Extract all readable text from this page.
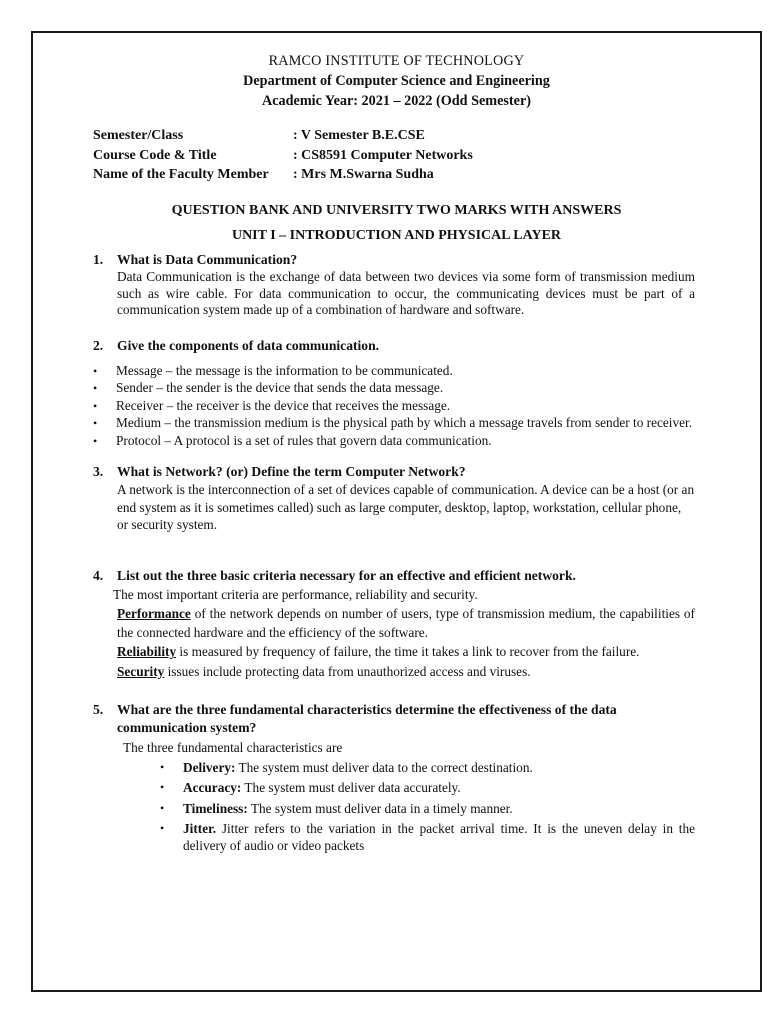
RAMCO INSTITUTE OF TECHNOLOGY
Department of Computer Science and Engineering
Academic Year: 2021 – 2022 (Odd Semester)
Semester/Class	: V Semester B.E.CSE
Course Code & Title	: CS8591 Computer Networks
Name of the Faculty Member	: Mrs M.Swarna Sudha
QUESTION BANK AND UNIVERSITY TWO MARKS WITH ANSWERS
UNIT I – INTRODUCTION AND PHYSICAL LAYER
1.	What is Data Communication?
Data Communication is the exchange of data between two devices via some form of transmission medium such as wire cable. For data communication to occur, the communicating devices must be part of a communication system made up of a combination of hardware and software.
2.	Give the components of data communication.
•	Message – the message is the information to be communicated.
•	Sender – the sender is the device that sends the data message.
•	Receiver – the receiver is the device that receives the message.
•	Medium – the transmission medium is the physical path by which a message travels from sender to receiver.
•	Protocol – A protocol is a set of rules that govern data communication.
3.	What is Network? (or) Define the term Computer Network?
A network is the interconnection of a set of devices capable of communication. A device can be a host (or an end system as it is sometimes called) such as large computer, desktop, laptop, workstation, cellular phone, or security system.
4.	List out the three basic criteria necessary for an effective and efficient network.
The most important criteria are performance, reliability and security.
Performance of the network depends on number of users, type of transmission medium, the capabilities of the connected hardware and the efficiency of the software.
Reliability is measured by frequency of failure, the time it takes a link to recover from the failure.
Security issues include protecting data from unauthorized access and viruses.
5.	What are the three fundamental characteristics determine the effectiveness of the data communication system?
The three fundamental characteristics are
•	Delivery: The system must deliver data to the correct destination.
•	Accuracy: The system must deliver data accurately.
•	Timeliness: The system must deliver data in a timely manner.
•	Jitter. Jitter refers to the variation in the packet arrival time. It is the uneven delay in the delivery of audio or video packets
